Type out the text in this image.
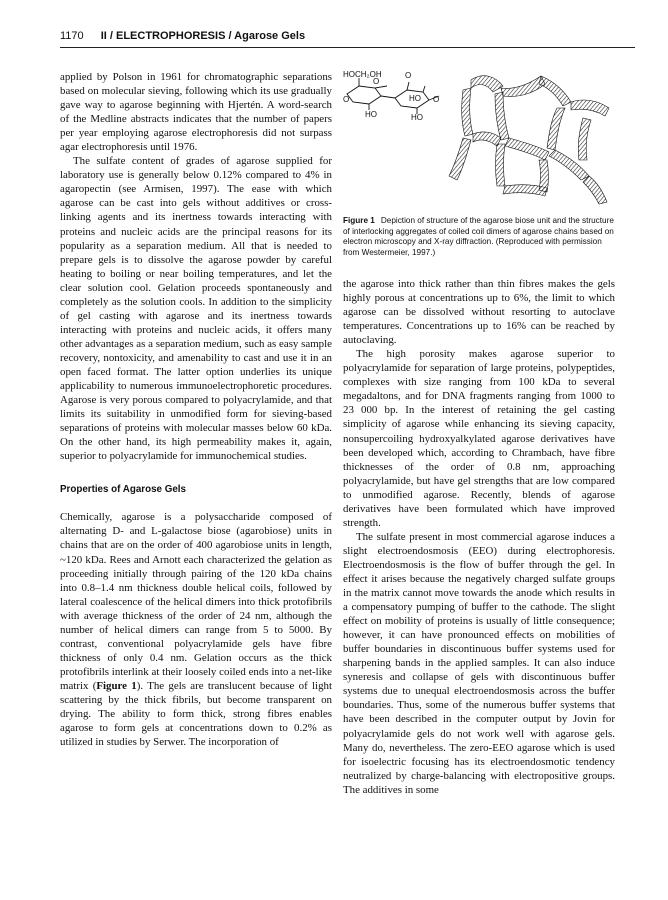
1170 II / ELECTROPHORESIS / Agarose Gels

applied by Polson in 1961 for chromatographic separations based on molecular sieving, following which its use gradually gave way to agarose beginning with Hjertén. A word-search of the Medline abstracts indicates that the number of papers per year employing agarose electrophoresis did not surpass agar electrophoresis until 1976.

The sulfate content of grades of agarose supplied for laboratory use is generally below 0.12% compared to 4% in agaropectin (see Armisen, 1997). The ease with which agarose can be cast into gels without additives or cross-linking agents and its inertness towards interacting with proteins and nucleic acids are the principal reasons for its popularity as a separation medium. All that is needed to prepare gels is to dissolve the agarose powder by careful heating to boiling or near boiling temperatures, and let the clear solution cool. Gelation proceeds spontaneously and completely as the solution cools. In addition to the simplicity of gel casting with agarose and its inertness towards interacting with proteins and nucleic acids, it offers many other advantages as a separation medium, such as easy sample recovery, nontoxicity, and amenability to cast and use it in an open faced format. The latter option underlies its unique applicability to numerous immunoelectrophoretic procedures. Agarose is very porous compared to polyacrylamide, and that limits its suitability in unmodified form for sieving-based separations of proteins with molecular masses below 60 kDa. On the other hand, its high permeability makes it, again, superior to polyacrylamide for immunochemical studies.

Properties of Agarose Gels

Chemically, agarose is a polysaccharide composed of alternating D- and L-galactose biose (agarobiose) units in chains that are on the order of 400 agarobiose units in length, ~120 kDa. Rees and Arnott each characterized the gelation as proceeding initially through pairing of the 120 kDa chains into 0.8–1.4 nm thickness double helical coils, followed by lateral coalescence of the helical dimers into thick protofibrils with average thickness of the order of 24 nm, although the number of helical dimers can range from 5 to 5000. By contrast, conventional polyacrylamide gels have fibre thickness of only 0.4 nm. Gelation occurs as the thick protofibrils interlink at their loosely coiled ends into a net-like matrix (Figure 1). The gels are translucent because of light scattering by the thick fibrils, but become transparent on drying. The ability to form thick, strong fibres enables agarose to form gels at concentrations down to 0.2% as utilized in studies by Serwer. The incorporation of

HOCH₂OH	O
O
O	O
HO
HO
HO
Figure 1 Depiction of structure of the agarose biose unit and the structure of interlocking aggregates of coiled coil dimers of agarose chains based on electron microscopy and X-ray diffraction. (Reproduced with permission from Westermeier, 1997.)

the agarose into thick rather than thin fibres makes the gels highly porous at concentrations up to 6%, the limit to which agarose can be dissolved without resorting to autoclave temperatures. Concentrations up to 16% can be reached by autoclaving.

The high porosity makes agarose superior to polyacrylamide for separation of large proteins, polypeptides, complexes with size ranging from 100 kDa to several megadaltons, and for DNA fragments ranging from 1000 to 23 000 bp. In the interest of retaining the gel casting simplicity of agarose while enhancing its sieving capacity, nonsupercoiling hydroxyalkylated agarose derivatives have been developed which, according to Chrambach, have fibre thicknesses of the order of 0.8 nm, approaching polyacrylamide, but have gel strengths that are low compared to unmodified agarose. Recently, blends of agarose derivatives have been formulated which have improved strength.

The sulfate present in most commercial agarose induces a slight electroendosmosis (EEO) during electrophoresis. Electroendosmosis is the flow of buffer through the gel. In effect it arises because the negatively charged sulfate groups in the matrix cannot move towards the anode which results in a compensatory pumping of buffer to the cathode. The slight effect on mobility of proteins is usually of little consequence; however, it can have pronounced effects on mobilities of buffer boundaries in discontinuous buffer systems used for sharpening bands in the applied samples. It can also induce syneresis and collapse of gels with discontinuous buffer systems due to unequal electroendosmosis across the buffer boundaries. Thus, some of the numerous buffer systems that have been described in the computer output by Jovin for polyacrylamide gels do not work well with agarose gels. Many do, nevertheless. The zero-EEO agarose which is used for isoelectric focusing has its electroendosmotic tendency neutralized by charge-balancing with electropositive groups. The additives in some
